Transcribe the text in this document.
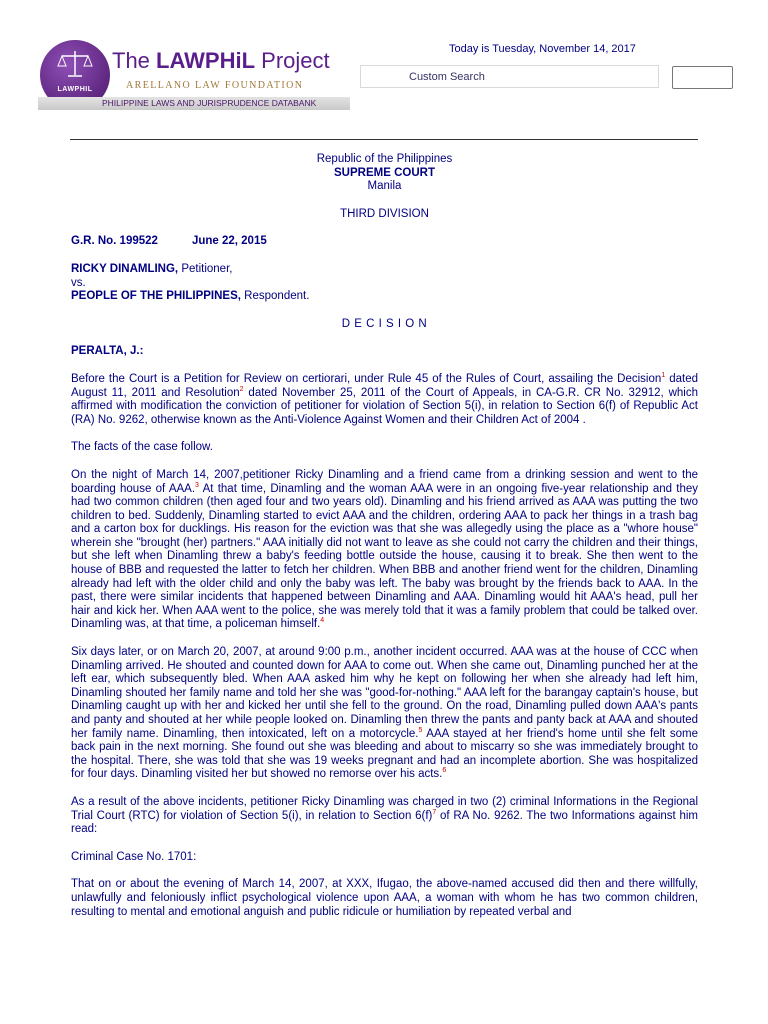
LAWPHIL
The LAWPHiL Project
ARELLANO LAW FOUNDATION
PHILIPPINE LAWS AND JURISPRUDENCE DATABANK
Today is Tuesday, November 14, 2017
Custom Search
Republic of the Philippines
SUPREME COURT
Manila
THIRD DIVISION
G.R. No. 199522	June 22, 2015
RICKY DINAMLING, Petitioner,
vs.
PEOPLE OF THE PHILIPPINES, Respondent.
D E C I S I O N
PERALTA, J.:

Before the Court is a Petition for Review on certiorari, under Rule 45 of the Rules of Court, assailing the Decision$^1$ dated August 11, 2011 and Resolution$^2$ dated November 25, 2011 of the Court of Appeals, in CA-G.R. CR No. 32912, which affirmed with modification the conviction of petitioner for violation of Section 5(i), in relation to Section 6(f) of Republic Act (RA) No. 9262, otherwise known as the Anti-Violence Against Women and their Children Act of 2004 .

The facts of the case follow.

On the night of March 14, 2007,petitioner Ricky Dinamling and a friend came from a drinking session and went to the boarding house of AAA.$^3$ At that time, Dinamling and the woman AAA were in an ongoing five-year relationship and they had two common children (then aged four and two years old). Dinamling and his friend arrived as AAA was putting the two children to bed. Suddenly, Dinamling started to evict AAA and the children, ordering AAA to pack her things in a trash bag and a carton box for ducklings. His reason for the eviction was that she was allegedly using the place as a "whore house" wherein she "brought (her) partners." AAA initially did not want to leave as she could not carry the children and their things, but she left when Dinamling threw a baby's feeding bottle outside the house, causing it to break. She then went to the house of BBB and requested the latter to fetch her children. When BBB and another friend went for the children, Dinamling already had left with the older child and only the baby was left. The baby was brought by the friends back to AAA. In the past, there were similar incidents that happened between Dinamling and AAA. Dinamling would hit AAA's head, pull her hair and kick her. When AAA went to the police, she was merely told that it was a family problem that could be talked over. Dinamling was, at that time, a policeman himself.$^4$

Six days later, or on March 20, 2007, at around 9:00 p.m., another incident occurred. AAA was at the house of CCC when Dinamling arrived. He shouted and counted down for AAA to come out. When she came out, Dinamling punched her at the left ear, which subsequently bled. When AAA asked him why he kept on following her when she already had left him, Dinamling shouted her family name and told her she was "good-for-nothing." AAA left for the barangay captain's house, but Dinamling caught up with her and kicked her until she fell to the ground. On the road, Dinamling pulled down AAA's pants and panty and shouted at her while people looked on. Dinamling then threw the pants and panty back at AAA and shouted her family name. Dinamling, then intoxicated, left on a motorcycle.$^5$ AAA stayed at her friend's home until she felt some back pain in the next morning. She found out she was bleeding and about to miscarry so she was immediately brought to the hospital. There, she was told that she was 19 weeks pregnant and had an incomplete abortion. She was hospitalized for four days. Dinamling visited her but showed no remorse over his acts.$^6$

As a result of the above incidents, petitioner Ricky Dinamling was charged in two (2) criminal Informations in the Regional Trial Court (RTC) for violation of Section 5(i), in relation to Section $6(f)^7$ of RA No. 9262. The two Informations against him read:

Criminal Case No. 1701:

That on or about the evening of March 14, 2007, at XXX, Ifugao, the above-named accused did then and there willfully, unlawfully and feloniously inflict psychological violence upon AAA, a woman with whom he has two common children, resulting to mental and emotional anguish and public ridicule or humiliation by repeated verbal and
